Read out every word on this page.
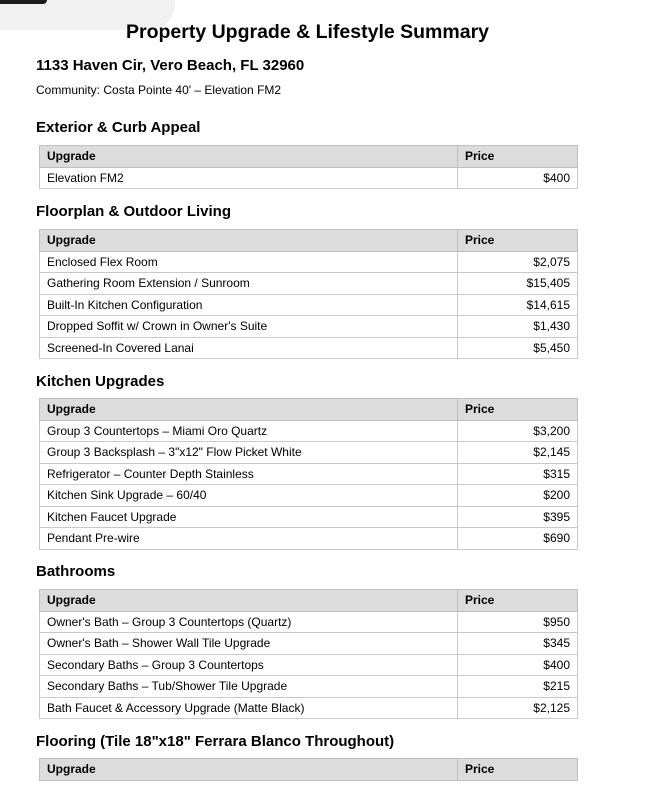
Property Upgrade & Lifestyle Summary

1133 Haven Cir, Vero Beach, FL 32960

Community: Costa Pointe 40' – Elevation FM2

Exterior & Curb Appeal
Upgrade	Price
Elevation FM2	$400
Floorplan & Outdoor Living
Upgrade	Price
Enclosed Flex Room	$2,075
Gathering Room Extension / Sunroom	$15,405
Built-In Kitchen Configuration	$14,615
Dropped Soffit w/ Crown in Owner's Suite	$1,430
Screened-In Covered Lanai	$5,450
Kitchen Upgrades
Upgrade	Price
Group 3 Countertops – Miami Oro Quartz	$3,200
Group 3 Backsplash – 3"x12" Flow Picket White	$2,145
Refrigerator – Counter Depth Stainless	$315
Kitchen Sink Upgrade – 60/40	$200
Kitchen Faucet Upgrade	$395
Pendant Pre-wire	$690
Bathrooms
Upgrade	Price
Owner's Bath – Group 3 Countertops (Quartz)	$950
Owner's Bath – Shower Wall Tile Upgrade	$345
Secondary Baths – Group 3 Countertops	$400
Secondary Baths – Tub/Shower Tile Upgrade	$215
Bath Faucet & Accessory Upgrade (Matte Black)	$2,125
Flooring (Tile 18"x18" Ferrara Blanco Throughout)
Upgrade	Price
